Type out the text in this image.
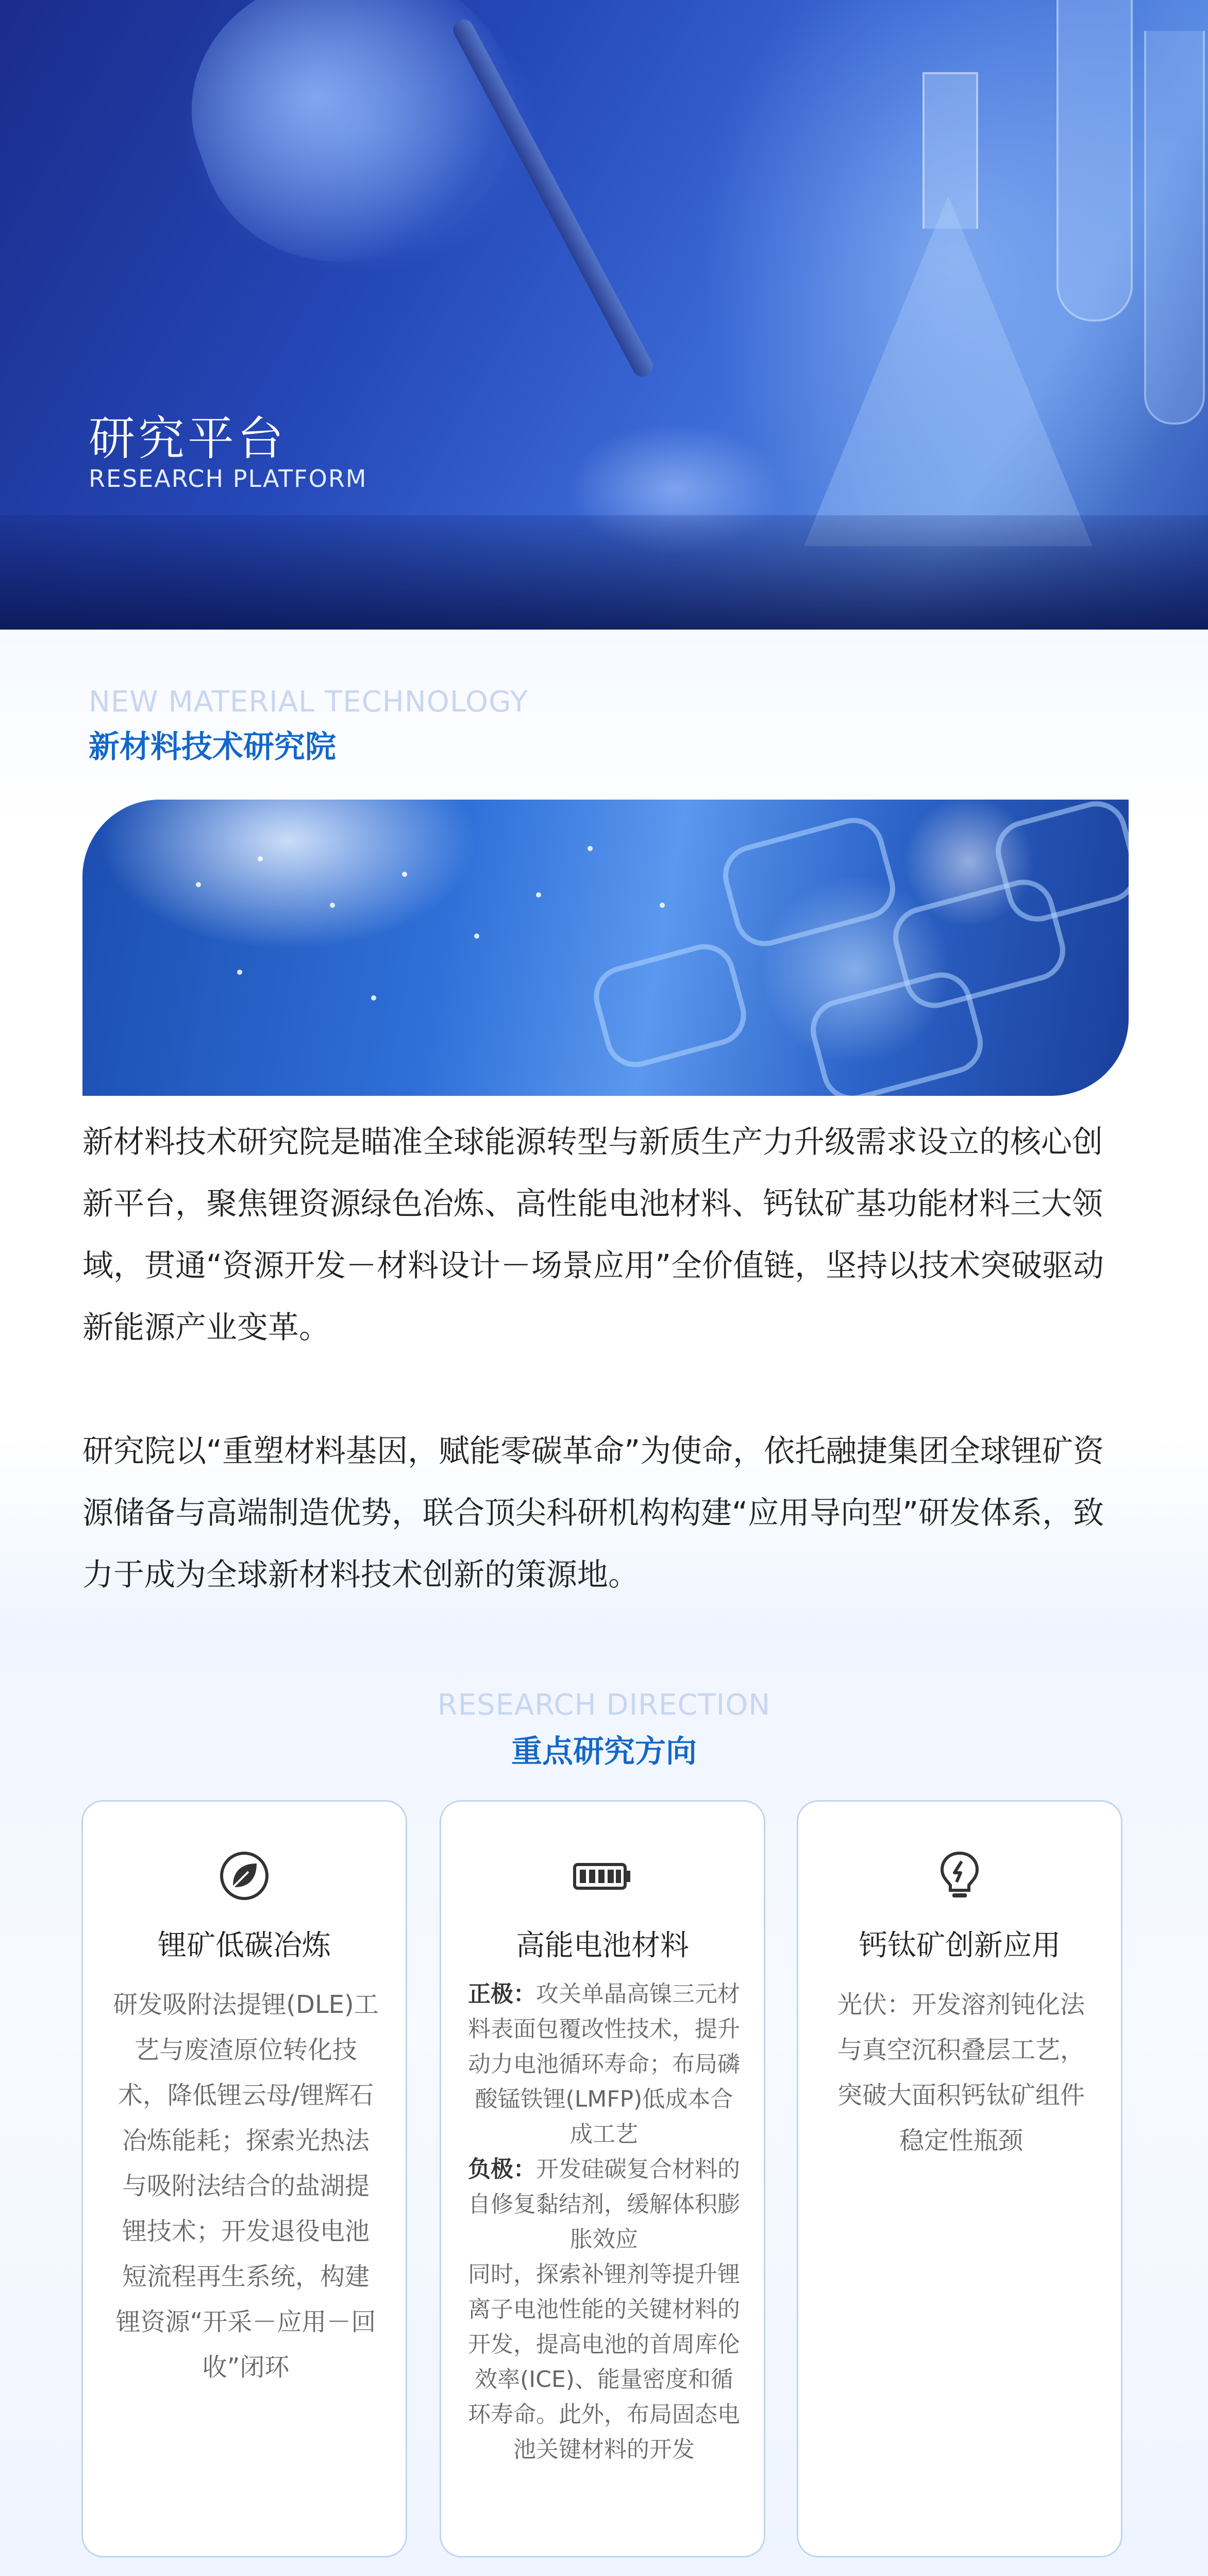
研究平台
RESEARCH PLATFORM
NEW MATERIAL TECHNOLOGY
新材料技术研究院
新材料技术研究院是瞄准全球能源转型与新质生产力升级需求设立的核心创新平台，聚焦锂资源绿色冶炼、高性能电池材料、钙钛矿基功能材料三大领域，贯通“资源开发－材料设计－场景应用”全价值链，坚持以技术突破驱动新能源产业变革。
研究院以“重塑材料基因，赋能零碳革命”为使命，依托融捷集团全球锂矿资源储备与高端制造优势，联合顶尖科研机构构建“应用导向型”研发体系，致力于成为全球新材料技术创新的策源地。
RESEARCH DIRECTION
重点研究方向
锂矿低碳冶炼
研发吸附法提锂(DLE)工艺与废渣原位转化技术，降低锂云母/锂辉石冶炼能耗；探索光热法与吸附法结合的盐湖提锂技术；开发退役电池短流程再生系统，构建锂资源“开采－应用－回收”闭环
高能电池材料

正极：攻关单晶高镍三元材料表面包覆改性技术，提升动力电池循环寿命；布局磷酸锰铁锂(LMFP)低成本合成工艺

负极：开发硅碳复合材料的自修复黏结剂，缓解体积膨胀效应

同时，探索补锂剂等提升锂离子电池性能的关键材料的开发，提高电池的首周库伦效率(ICE)、能量密度和循环寿命。此外，布局固态电池关键材料的开发

钙钛矿创新应用
光伏：开发溶剂钝化法与真空沉积叠层工艺，突破大面积钙钛矿组件稳定性瓶颈
